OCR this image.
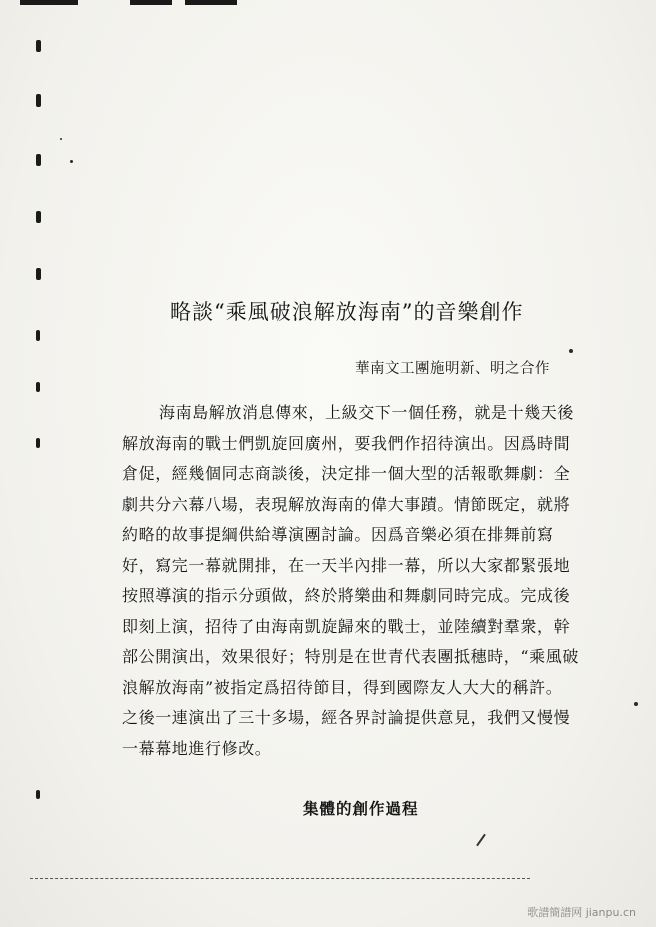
略談“乘風破浪解放海南”的音樂創作
華南文工團施明新、明之合作
海南島解放消息傳來，上級交下一個任務，就是十幾天後
解放海南的戰士們凱旋回廣州，要我們作招待演出。因爲時間
倉促，經幾個同志商談後，決定排一個大型的活報歌舞劇：全
劇共分六幕八場，表現解放海南的偉大事蹟。情節既定，就將
約略的故事提綱供給導演團討論。因爲音樂必須在排舞前寫
好，寫完一幕就開排，在一天半內排一幕，所以大家都緊張地
按照導演的指示分頭做，終於將樂曲和舞劇同時完成。完成後
即刻上演，招待了由海南凱旋歸來的戰士，並陸續對羣衆，幹
部公開演出，效果很好；特別是在世青代表團抵穗時，“乘風破
浪解放海南”被指定爲招待節目，得到國際友人大大的稱許。
之後一連演出了三十多場，經各界討論提供意見，我們又慢慢
一幕幕地進行修改。
集體的創作過程
歌譜簡譜网 jianpu.cn
